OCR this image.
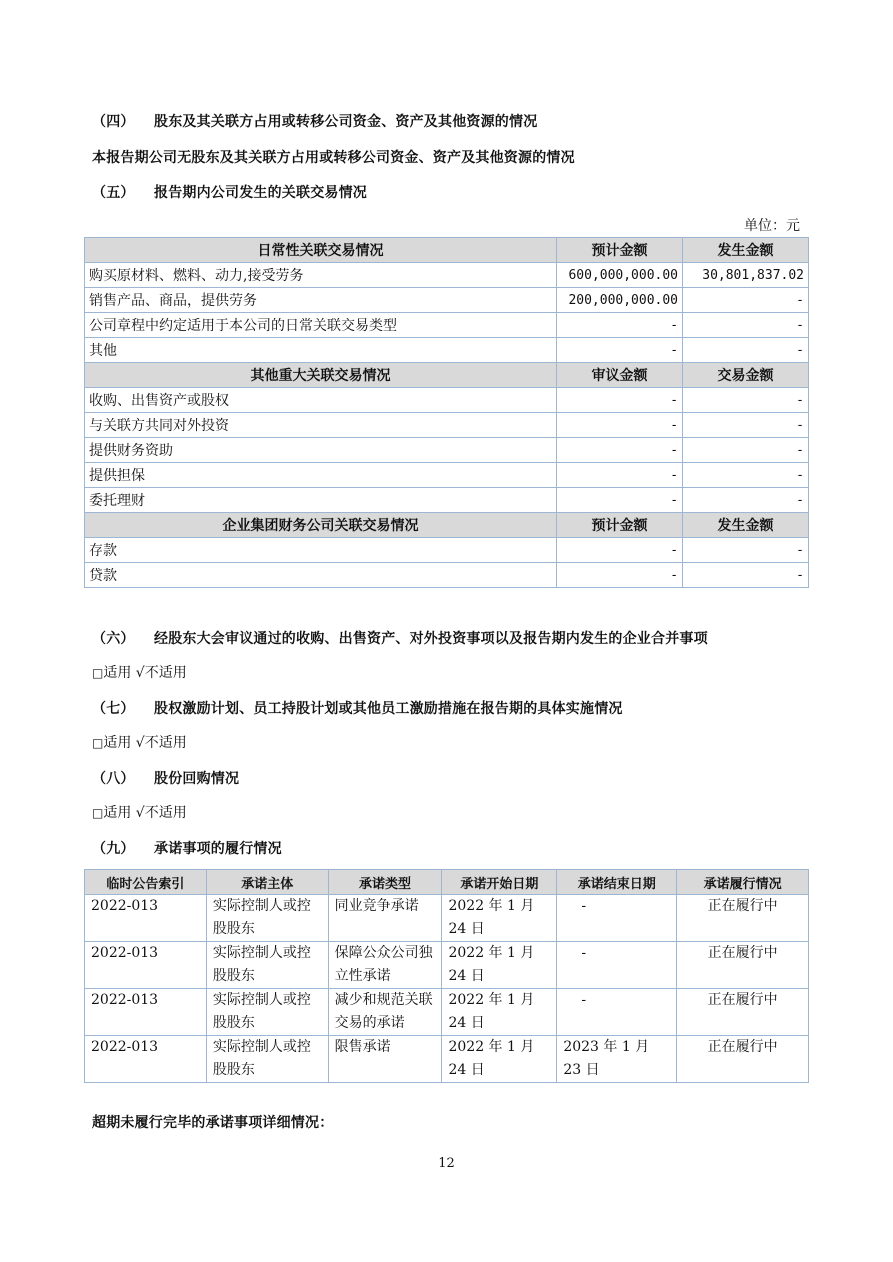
（四） 股东及其关联方占用或转移公司资金、资产及其他资源的情况
本报告期公司无股东及其关联方占用或转移公司资金、资产及其他资源的情况
（五） 报告期内公司发生的关联交易情况
单位：元
日常性关联交易情况	预计金额	发生金额
购买原材料、燃料、动力,接受劳务	600,000,000.00	30,801,837.02
销售产品、商品，提供劳务	200,000,000.00	-
公司章程中约定适用于本公司的日常关联交易类型	-	-
其他	-	-
其他重大关联交易情况	审议金额	交易金额
收购、出售资产或股权	-	-
与关联方共同对外投资	-	-
提供财务资助	-	-
提供担保	-	-
委托理财	-	-
企业集团财务公司关联交易情况	预计金额	发生金额
存款	-	-
贷款	-	-
（六） 经股东大会审议通过的收购、出售资产、对外投资事项以及报告期内发生的企业合并事项
□适用 √不适用
（七） 股权激励计划、员工持股计划或其他员工激励措施在报告期的具体实施情况
□适用 √不适用
（八） 股份回购情况
□适用 √不适用
（九） 承诺事项的履行情况
临时公告索引	承诺主体	承诺类型	承诺开始日期	承诺结束日期	承诺履行情况
2022-013	实际控制人或控股股东	同业竞争承诺	2022 年 1 月 24 日	-	正在履行中
2022-013	实际控制人或控股股东	保障公众公司独立性承诺	2022 年 1 月 24 日	-	正在履行中
2022-013	实际控制人或控股股东	减少和规范关联交易的承诺	2022 年 1 月 24 日	-	正在履行中
2022-013	实际控制人或控股股东	限售承诺	2022 年 1 月 24 日	2023 年 1 月 23 日	正在履行中
超期未履行完毕的承诺事项详细情况：
12
